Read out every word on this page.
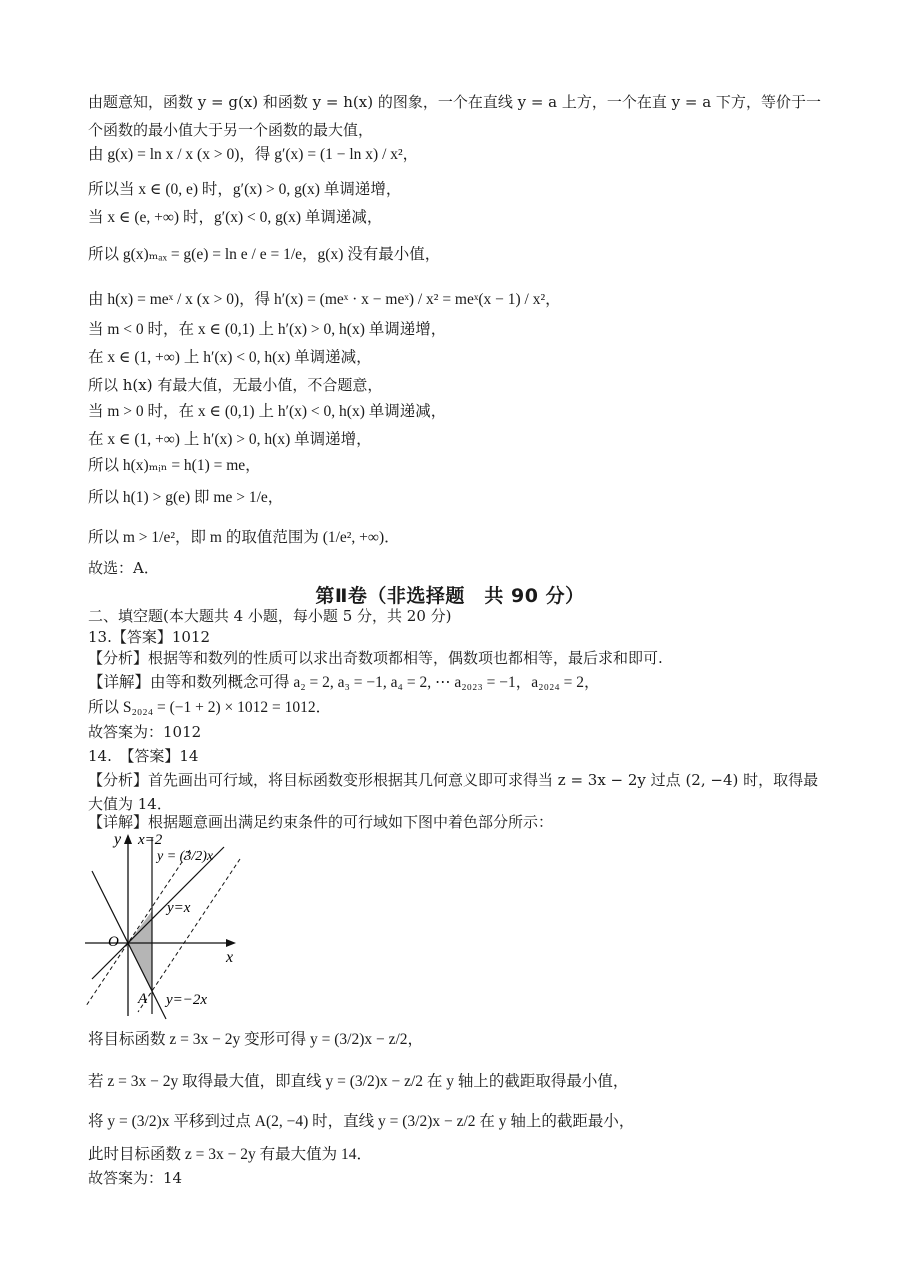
由题意知，函数 y = g(x) 和函数 y = h(x) 的图象，一个在直线 y = a 上方，一个在直 y = a 下方，等价于一个函数的最小值大于另一个函数的最大值，
由 g(x) = ln x / x (x > 0)，得 g′(x) = (1 − ln x) / x²，
所以当 x ∈ (0, e) 时，g′(x) > 0, g(x) 单调递增，
当 x ∈ (e, +∞) 时，g′(x) < 0, g(x) 单调递减，
所以 g(x)ₘₐₓ = g(e) = ln e / e = 1/e，g(x) 没有最小值，
由 h(x) = meˣ / x (x > 0)，得 h′(x) = (meˣ · x − meˣ) / x² = meˣ(x − 1) / x²，
当 m < 0 时，在 x ∈ (0,1) 上 h′(x) > 0, h(x) 单调递增，
在 x ∈ (1, +∞) 上 h′(x) < 0, h(x) 单调递减，
所以 h(x) 有最大值，无最小值，不合题意，
当 m > 0 时，在 x ∈ (0,1) 上 h′(x) < 0, h(x) 单调递减，
在 x ∈ (1, +∞) 上 h′(x) > 0, h(x) 单调递增，
所以 h(x)ₘᵢₙ = h(1) = me，
所以 h(1) > g(e) 即 me > 1/e，
所以 m > 1/e²，即 m 的取值范围为 (1/e², +∞)．
故选：A．
第Ⅱ卷（非选择题　共 90 分）
二、填空题(本大题共 4 小题，每小题 5 分，共 20 分)
13.【答案】1012
【分析】根据等和数列的性质可以求出奇数项都相等，偶数项也都相等，最后求和即可.
【详解】由等和数列概念可得 a₂ = 2, a₃ = −1, a₄ = 2, ⋯ a₂₀₂₃ = −1，a₂₀₂₄ = 2，
所以 S₂₀₂₄ = (−1 + 2) × 1012 = 1012．
故答案为：1012
14.　【答案】14
【分析】首先画出可行域，将目标函数变形根据其几何意义即可求得当 z = 3x − 2y 过点 (2, −4) 时，取得最大值为 14．
【详解】根据题意画出满足约束条件的可行域如下图中着色部分所示：
y
x
O
A
x=2
y = (3/2)x
y=x
y=−2x
将目标函数 z = 3x − 2y 变形可得 y = (3/2)x − z/2，
若 z = 3x − 2y 取得最大值，即直线 y = (3/2)x − z/2 在 y 轴上的截距取得最小值，
将 y = (3/2)x 平移到过点 A(2, −4) 时，直线 y = (3/2)x − z/2 在 y 轴上的截距最小，
此时目标函数 z = 3x − 2y 有最大值为 14．
故答案为：14
